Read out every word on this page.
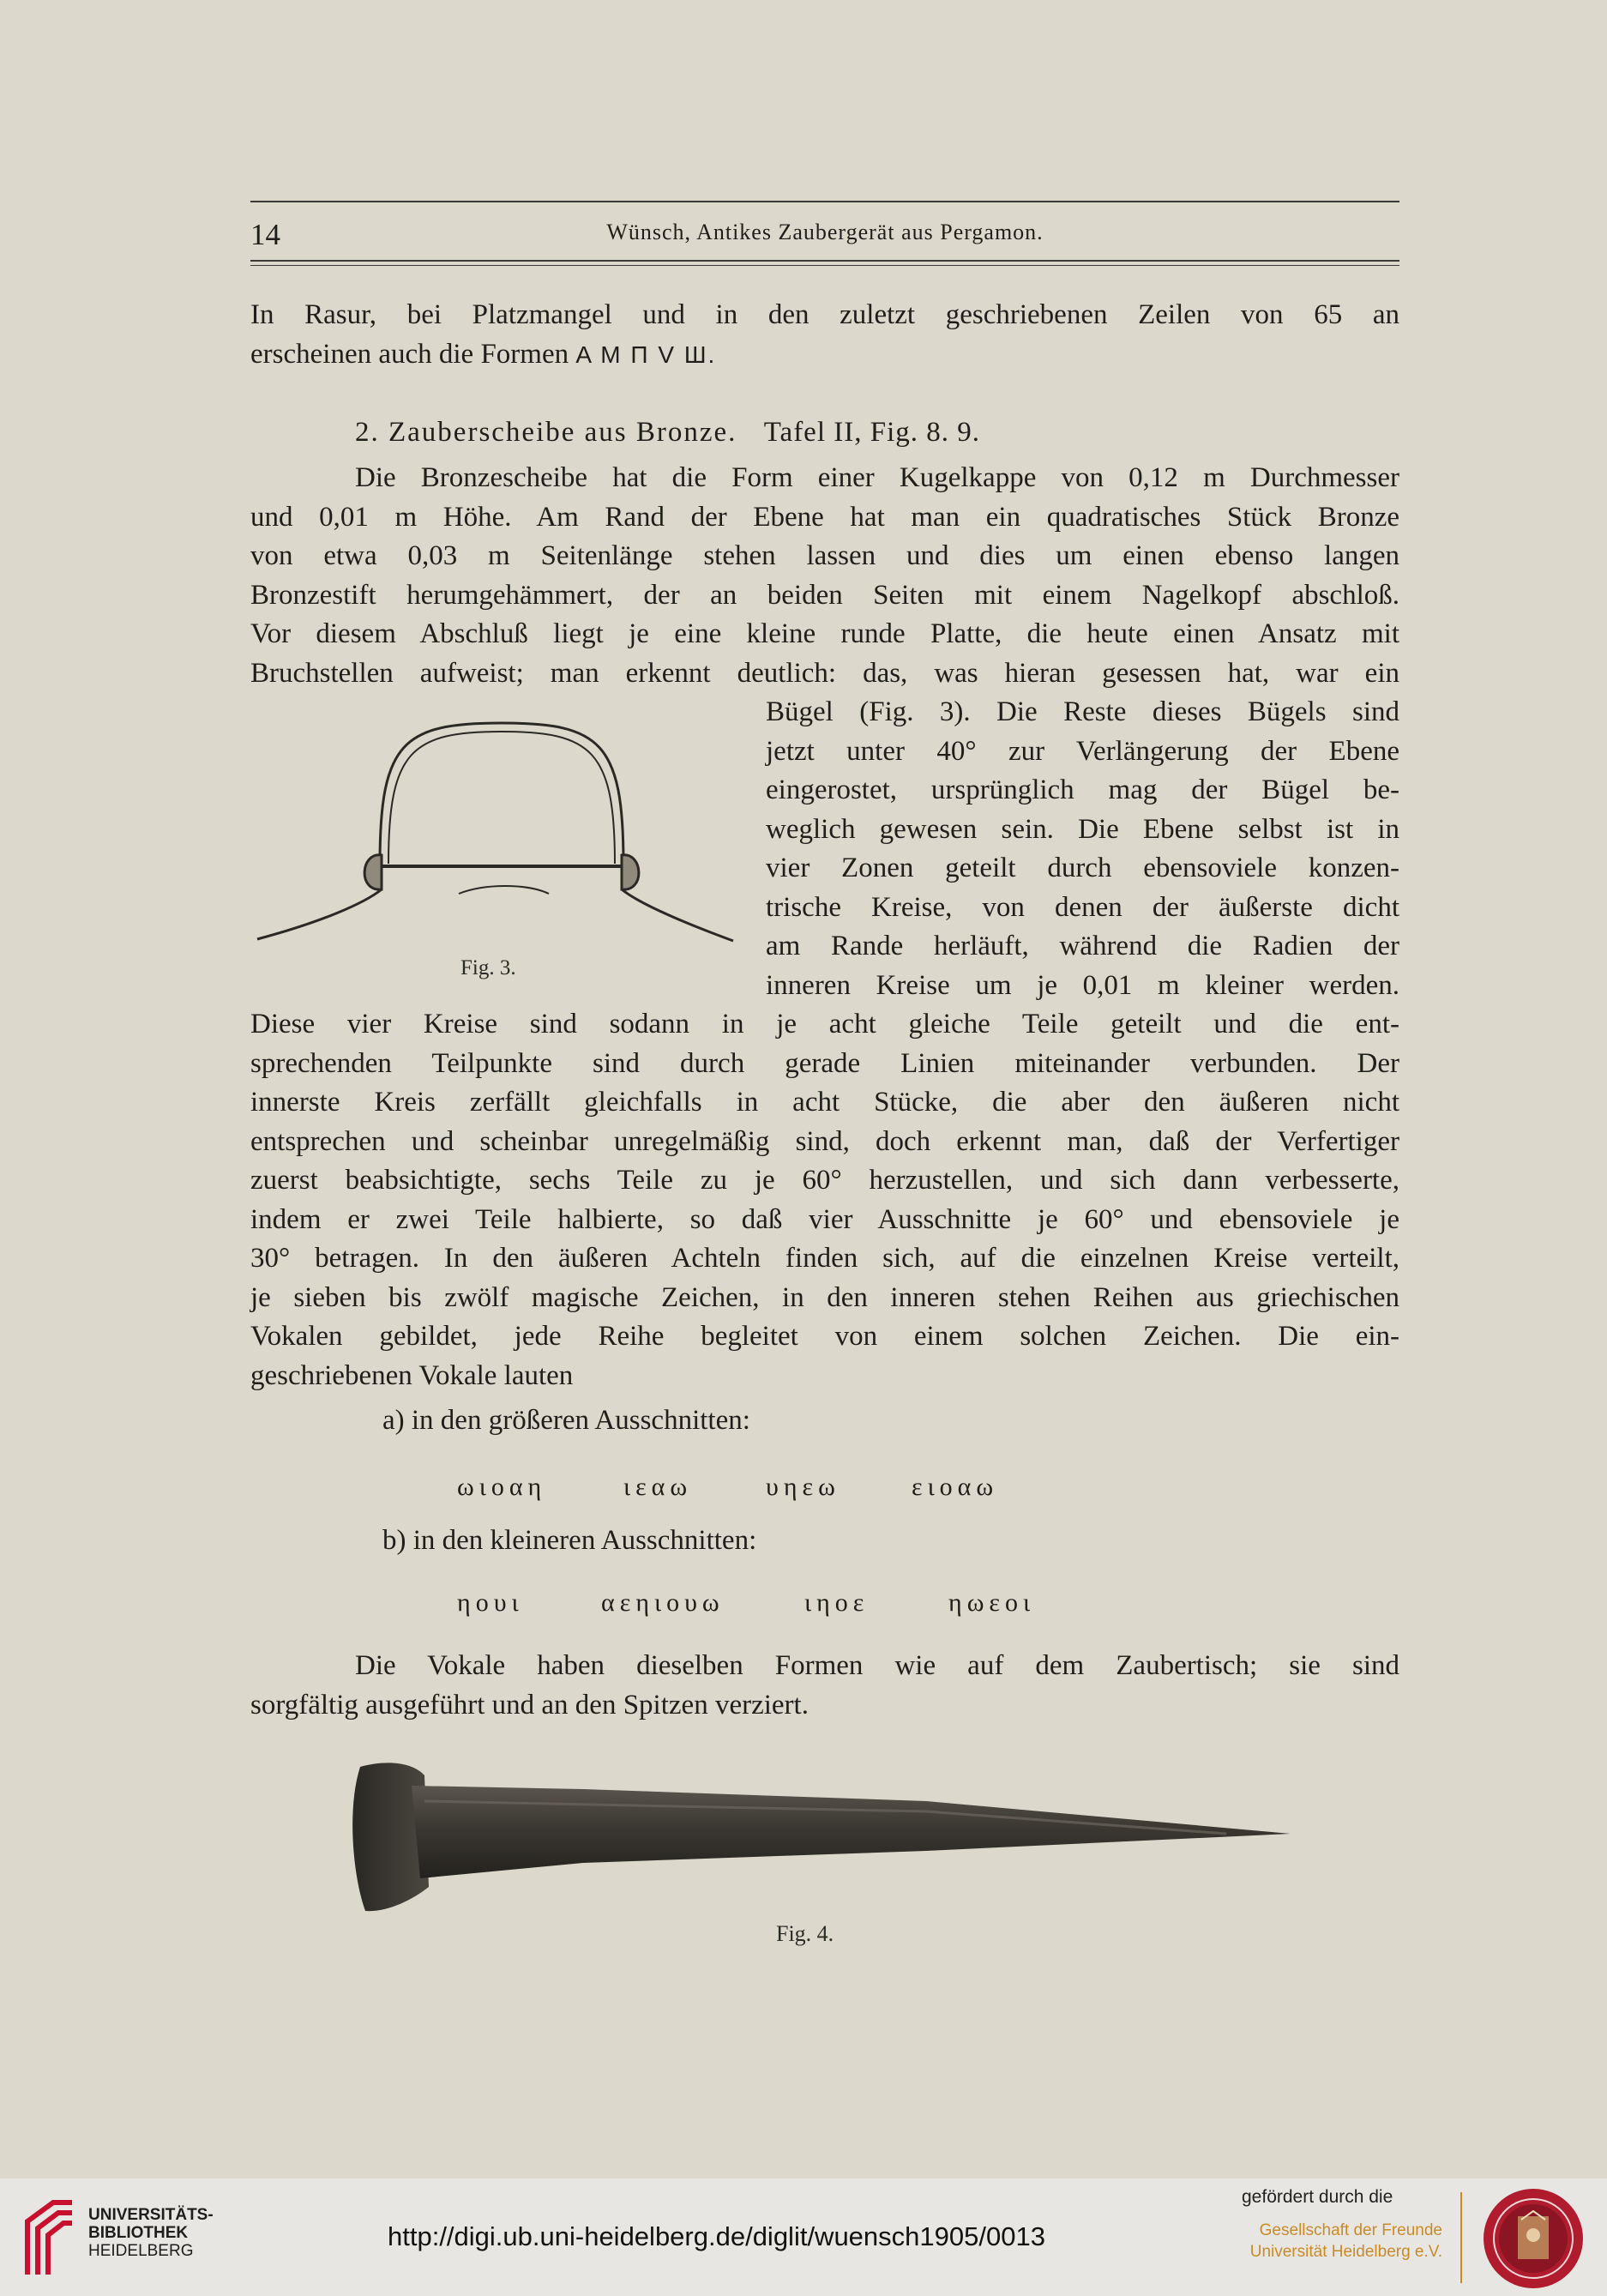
14	Wünsch, Antikes Zaubergerät aus Pergamon.

In Rasur, bei Platzmangel und in den zuletzt geschriebenen Zeilen von 65 an

erscheinen auch die Formen A M Π V Ш.

2. Zauberscheibe aus Bronze. Tafel II, Fig. 8. 9.

Die Bronzescheibe hat die Form einer Kugelkappe von 0,12 m Durchmesser

und 0,01 m Höhe. Am Rand der Ebene hat man ein quadratisches Stück Bronze

von etwa 0,03 m Seitenlänge stehen lassen und dies um einen ebenso langen

Bronzestift herumgehämmert, der an beiden Seiten mit einem Nagelkopf abschloß.

Vor diesem Abschluß liegt je eine kleine runde Platte, die heute einen Ansatz mit

Bruchstellen aufweist; man erkennt deutlich: das, was hieran gesessen hat, war ein

Fig. 3.

Bügel (Fig. 3). Die Reste dieses Bügels sind

jetzt unter 40° zur Verlängerung der Ebene

eingerostet, ursprünglich mag der Bügel be-

weglich gewesen sein. Die Ebene selbst ist in

vier Zonen geteilt durch ebensoviele konzen-

trische Kreise, von denen der äußerste dicht

am Rande herläuft, während die Radien der

inneren Kreise um je 0,01 m kleiner werden.

Diese vier Kreise sind sodann in je acht gleiche Teile geteilt und die ent-

sprechenden Teilpunkte sind durch gerade Linien miteinander verbunden. Der

innerste Kreis zerfällt gleichfalls in acht Stücke, die aber den äußeren nicht

entsprechen und scheinbar unregelmäßig sind, doch erkennt man, daß der Verfertiger

zuerst beabsichtigte, sechs Teile zu je 60° herzustellen, und sich dann verbesserte,

indem er zwei Teile halbierte, so daß vier Ausschnitte je 60° und ebensoviele je

30° betragen. In den äußeren Achteln finden sich, auf die einzelnen Kreise verteilt,

je sieben bis zwölf magische Zeichen, in den inneren stehen Reihen aus griechischen

Vokalen gebildet, jede Reihe begleitet von einem solchen Zeichen. Die ein-

geschriebenen Vokale lauten

a) in den größeren Ausschnitten:
ωιοαη	ιεαω	υηεω	ειοαω
b) in den kleineren Ausschnitten:
ηουι	αεηιουω	ιηοε	ηωεοι

Die Vokale haben dieselben Formen wie auf dem Zaubertisch; sie sind

sorgfältig ausgeführt und an den Spitzen verziert.

Fig. 4.
UNIVERSITÄTS-
BIBLIOTHEK
HEIDELBERG	http://digi.ub.uni-heidelberg.de/diglit/wuensch1905/0013
gefördert durch die
Gesellschaft der Freunde
Universität Heidelberg e.V.
